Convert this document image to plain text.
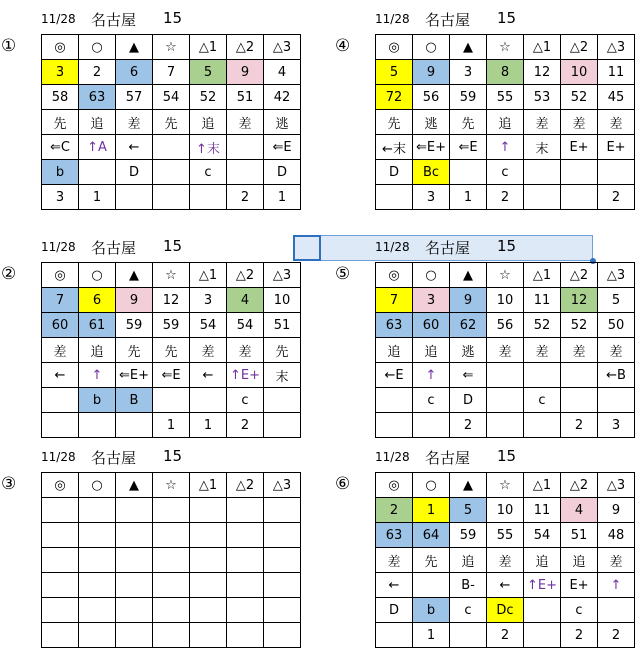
①
11/28 名古屋 15
◎	○	▲	☆	△1	△2	△3
3	2	6	7	5	9	4
58	63	57	54	52	51	42
先	追	差	先	追	差	逃
⇐C	↑A	←		↑末		⇐E
b		D		c		D
3	1				2	1
④
11/28 名古屋 15
◎	○	▲	☆	△1	△2	△3
5	9	3	8	12	10	11
72	56	59	55	53	52	45
先	逃	先	追	差	差	差
←末	⇐E+	⇐E	↑	末	E+	E+
D	Bc		c			
	3	1	2			2
②
11/28 名古屋 15
◎	○	▲	☆	△1	△2	△3
7	6	9	12	3	4	10
60	61	59	59	54	54	51
差	追	先	先	差	差	先
←	↑	⇐E+	⇐E	←	↑E+	末
	b	B			c	
			1	1	2	
⑤
11/28 名古屋 15
◎	○	▲	☆	△1	△2	△3
7	3	9	10	11	12	5
63	60	62	56	52	52	50
追	追	逃	差	差	差	差
←E	↑	⇐				←B
	c	D		c		
		2			2	3
③
11/28 名古屋 15
◎	○	▲	☆	△1	△2	△3

							⑥
11/28 名古屋 15
◎	○	▲	☆	△1	△2	△3
2	1	5	10	11	4	9
63	64	59	55	54	51	48
差	先	追	差	追	追	差
←		B-	←	↑E+	E+	↑
D	b	c	Dc		c	
	1		2		2	2
